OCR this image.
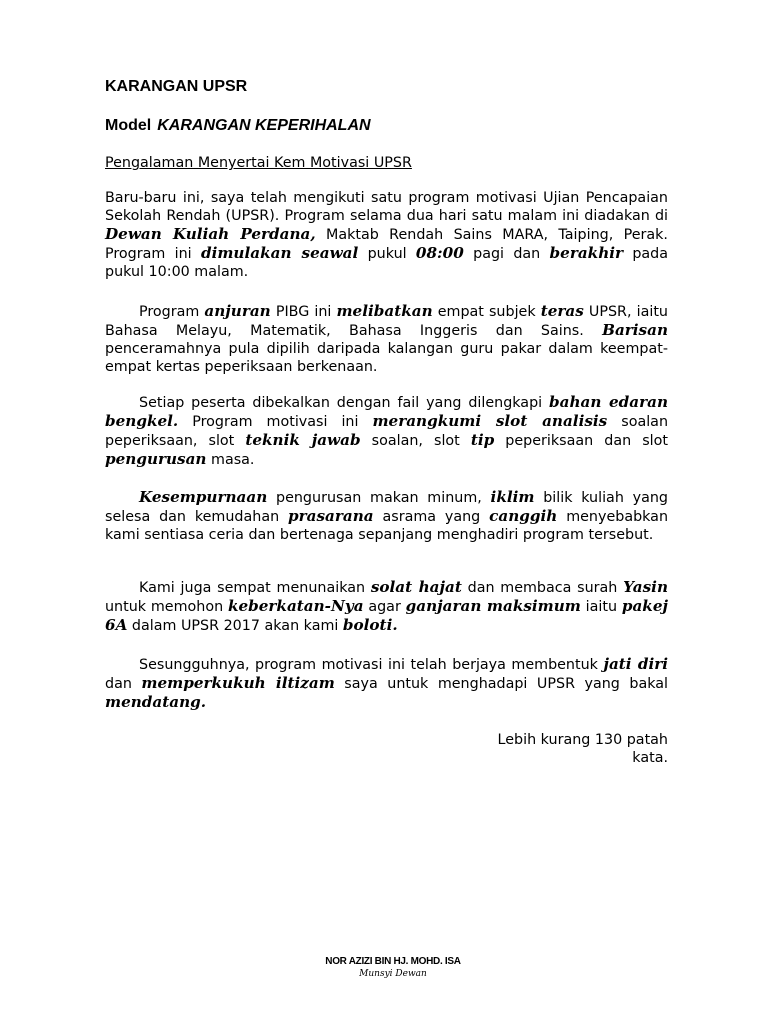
KARANGAN UPSR
Model KARANGAN KEPERIHALAN
Pengalaman Menyertai Kem Motivasi UPSR
Baru-baru ini, saya telah mengikuti satu program motivasi Ujian Pencapaian Sekolah Rendah (UPSR). Program selama dua hari satu malam ini diadakan di Dewan Kuliah Perdana, Maktab Rendah Sains MARA, Taiping, Perak. Program ini dimulakan seawal pukul 08:00 pagi dan berakhir pada pukul 10:00 malam.
Program anjuran PIBG ini melibatkan empat subjek teras UPSR, iaitu Bahasa Melayu, Matematik, Bahasa Inggeris dan Sains. Barisan penceramahnya pula dipilih daripada kalangan guru pakar dalam keempat-empat kertas peperiksaan berkenaan.
Setiap peserta dibekalkan dengan fail yang dilengkapi bahan edaran bengkel. Program motivasi ini merangkumi slot analisis soalan peperiksaan, slot teknik jawab soalan, slot tip peperiksaan dan slot pengurusan masa.
Kesempurnaan pengurusan makan minum, iklim bilik kuliah yang selesa dan kemudahan prasarana asrama yang canggih menyebabkan kami sentiasa ceria dan bertenaga sepanjang menghadiri program tersebut.
Kami juga sempat menunaikan solat hajat dan membaca surah Yasin untuk memohon keberkatan-Nya agar ganjaran maksimum iaitu pakej 6A dalam UPSR 2017 akan kami boloti.
Sesungguhnya, program motivasi ini telah berjaya membentuk jati diri dan memperkukuh iltizam saya untuk menghadapi UPSR yang bakal mendatang.
Lebih kurang 130 patah
kata.
NOR AZIZI BIN HJ. MOHD. ISA
Munsyi Dewan
